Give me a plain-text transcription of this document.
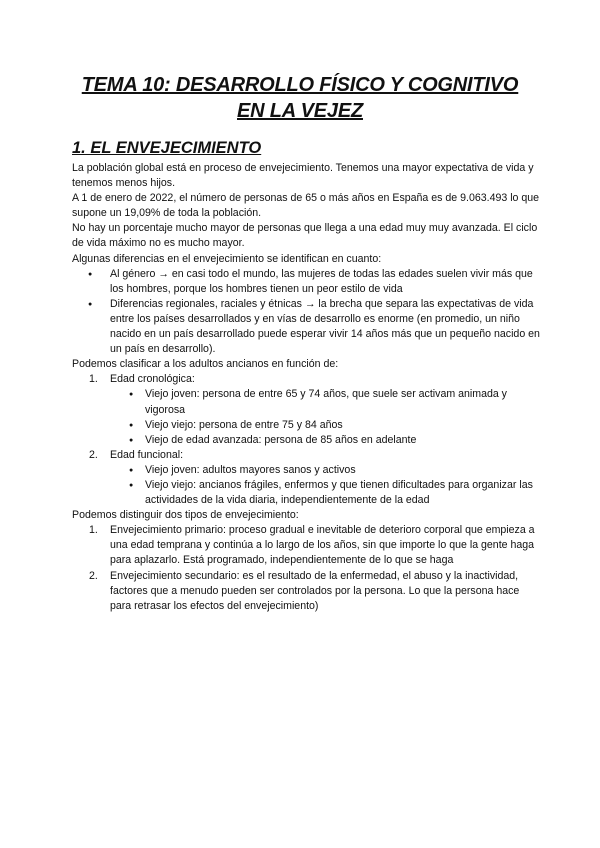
TEMA 10: DESARROLLO FÍSICO Y COGNITIVO
EN LA VEJEZ
1. EL ENVEJECIMIENTO

La población global está en proceso de envejecimiento. Tenemos una mayor expectativa de vida y tenemos menos hijos.

A 1 de enero de 2022, el número de personas de 65 o más años en España es de 9.063.493 lo que supone un 19,09% de toda la población.

No hay un porcentaje mucho mayor de personas que llega a una edad muy muy avanzada. El ciclo de vida máximo no es mucho mayor.

Algunas diferencias en el envejecimiento se identifican en cuanto:

● Al género → en casi todo el mundo, las mujeres de todas las edades suelen vivir más que los hombres, porque los hombres tienen un peor estilo de vida
● Diferencias regionales, raciales y étnicas → la brecha que separa las expectativas de vida entre los países desarrollados y en vías de desarrollo es enorme (en promedio, un niño nacido en un país desarrollado puede esperar vivir 14 años más que un pequeño nacido en un país en desarrollo).

Podemos clasificar a los adultos ancianos en función de:

1. Edad cronológica:
● Viejo joven: persona de entre 65 y 74 años, que suele ser activam animada y vigorosa
● Viejo viejo: persona de entre 75 y 84 años
● Viejo de edad avanzada: persona de 85 años en adelante
2. Edad funcional:
● Viejo joven: adultos mayores sanos y activos
● Viejo viejo: ancianos frágiles, enfermos y que tienen dificultades para organizar las actividades de la vida diaria, independientemente de la edad

Podemos distinguir dos tipos de envejecimiento:

1. Envejecimiento primario: proceso gradual e inevitable de deterioro corporal que empieza a una edad temprana y continúa a lo largo de los años, sin que importe lo que la gente haga para aplazarlo. Está programado, independientemente de lo que se haga
2. Envejecimiento secundario: es el resultado de la enfermedad, el abuso y la inactividad, factores que a menudo pueden ser controlados por la persona. Lo que la persona hace para retrasar los efectos del envejecimiento)
